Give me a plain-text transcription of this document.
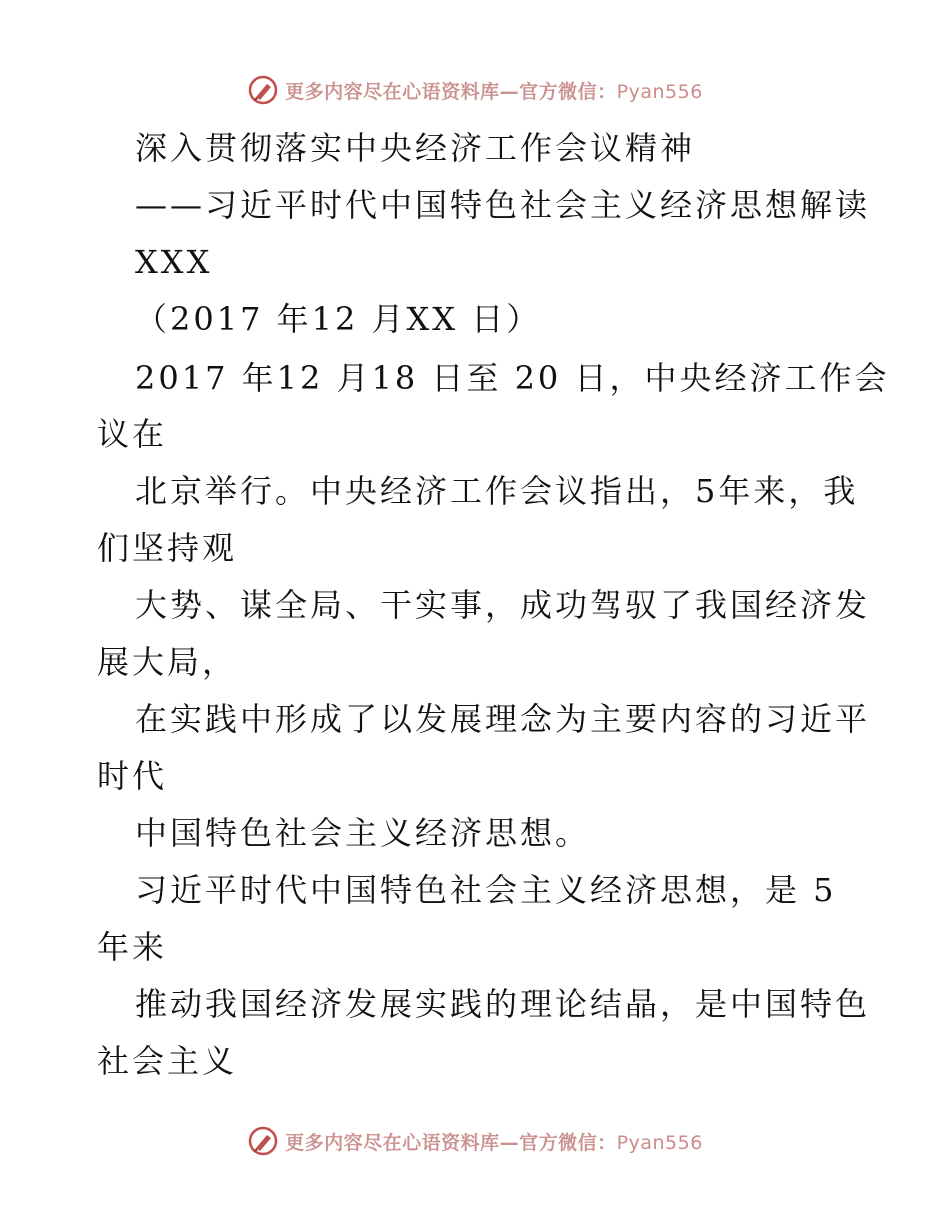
更多内容尽在心语资料库—官方微信：Pyan556
深入贯彻落实中央经济工作会议精神
——习近平时代中国特色社会主义经济思想解读
XXX
（2017 年12 月XX 日）
2017 年12 月18 日至 20 日，中央经济工作会
议在
北京举行。中央经济工作会议指出，5年来，我
们坚持观
大势、谋全局、干实事，成功驾驭了我国经济发
展大局，
在实践中形成了以发展理念为主要内容的习近平
时代
中国特色社会主义经济思想。
习近平时代中国特色社会主义经济思想，是 5
年来
推动我国经济发展实践的理论结晶，是中国特色
社会主义
更多内容尽在心语资料库—官方微信：Pyan556
